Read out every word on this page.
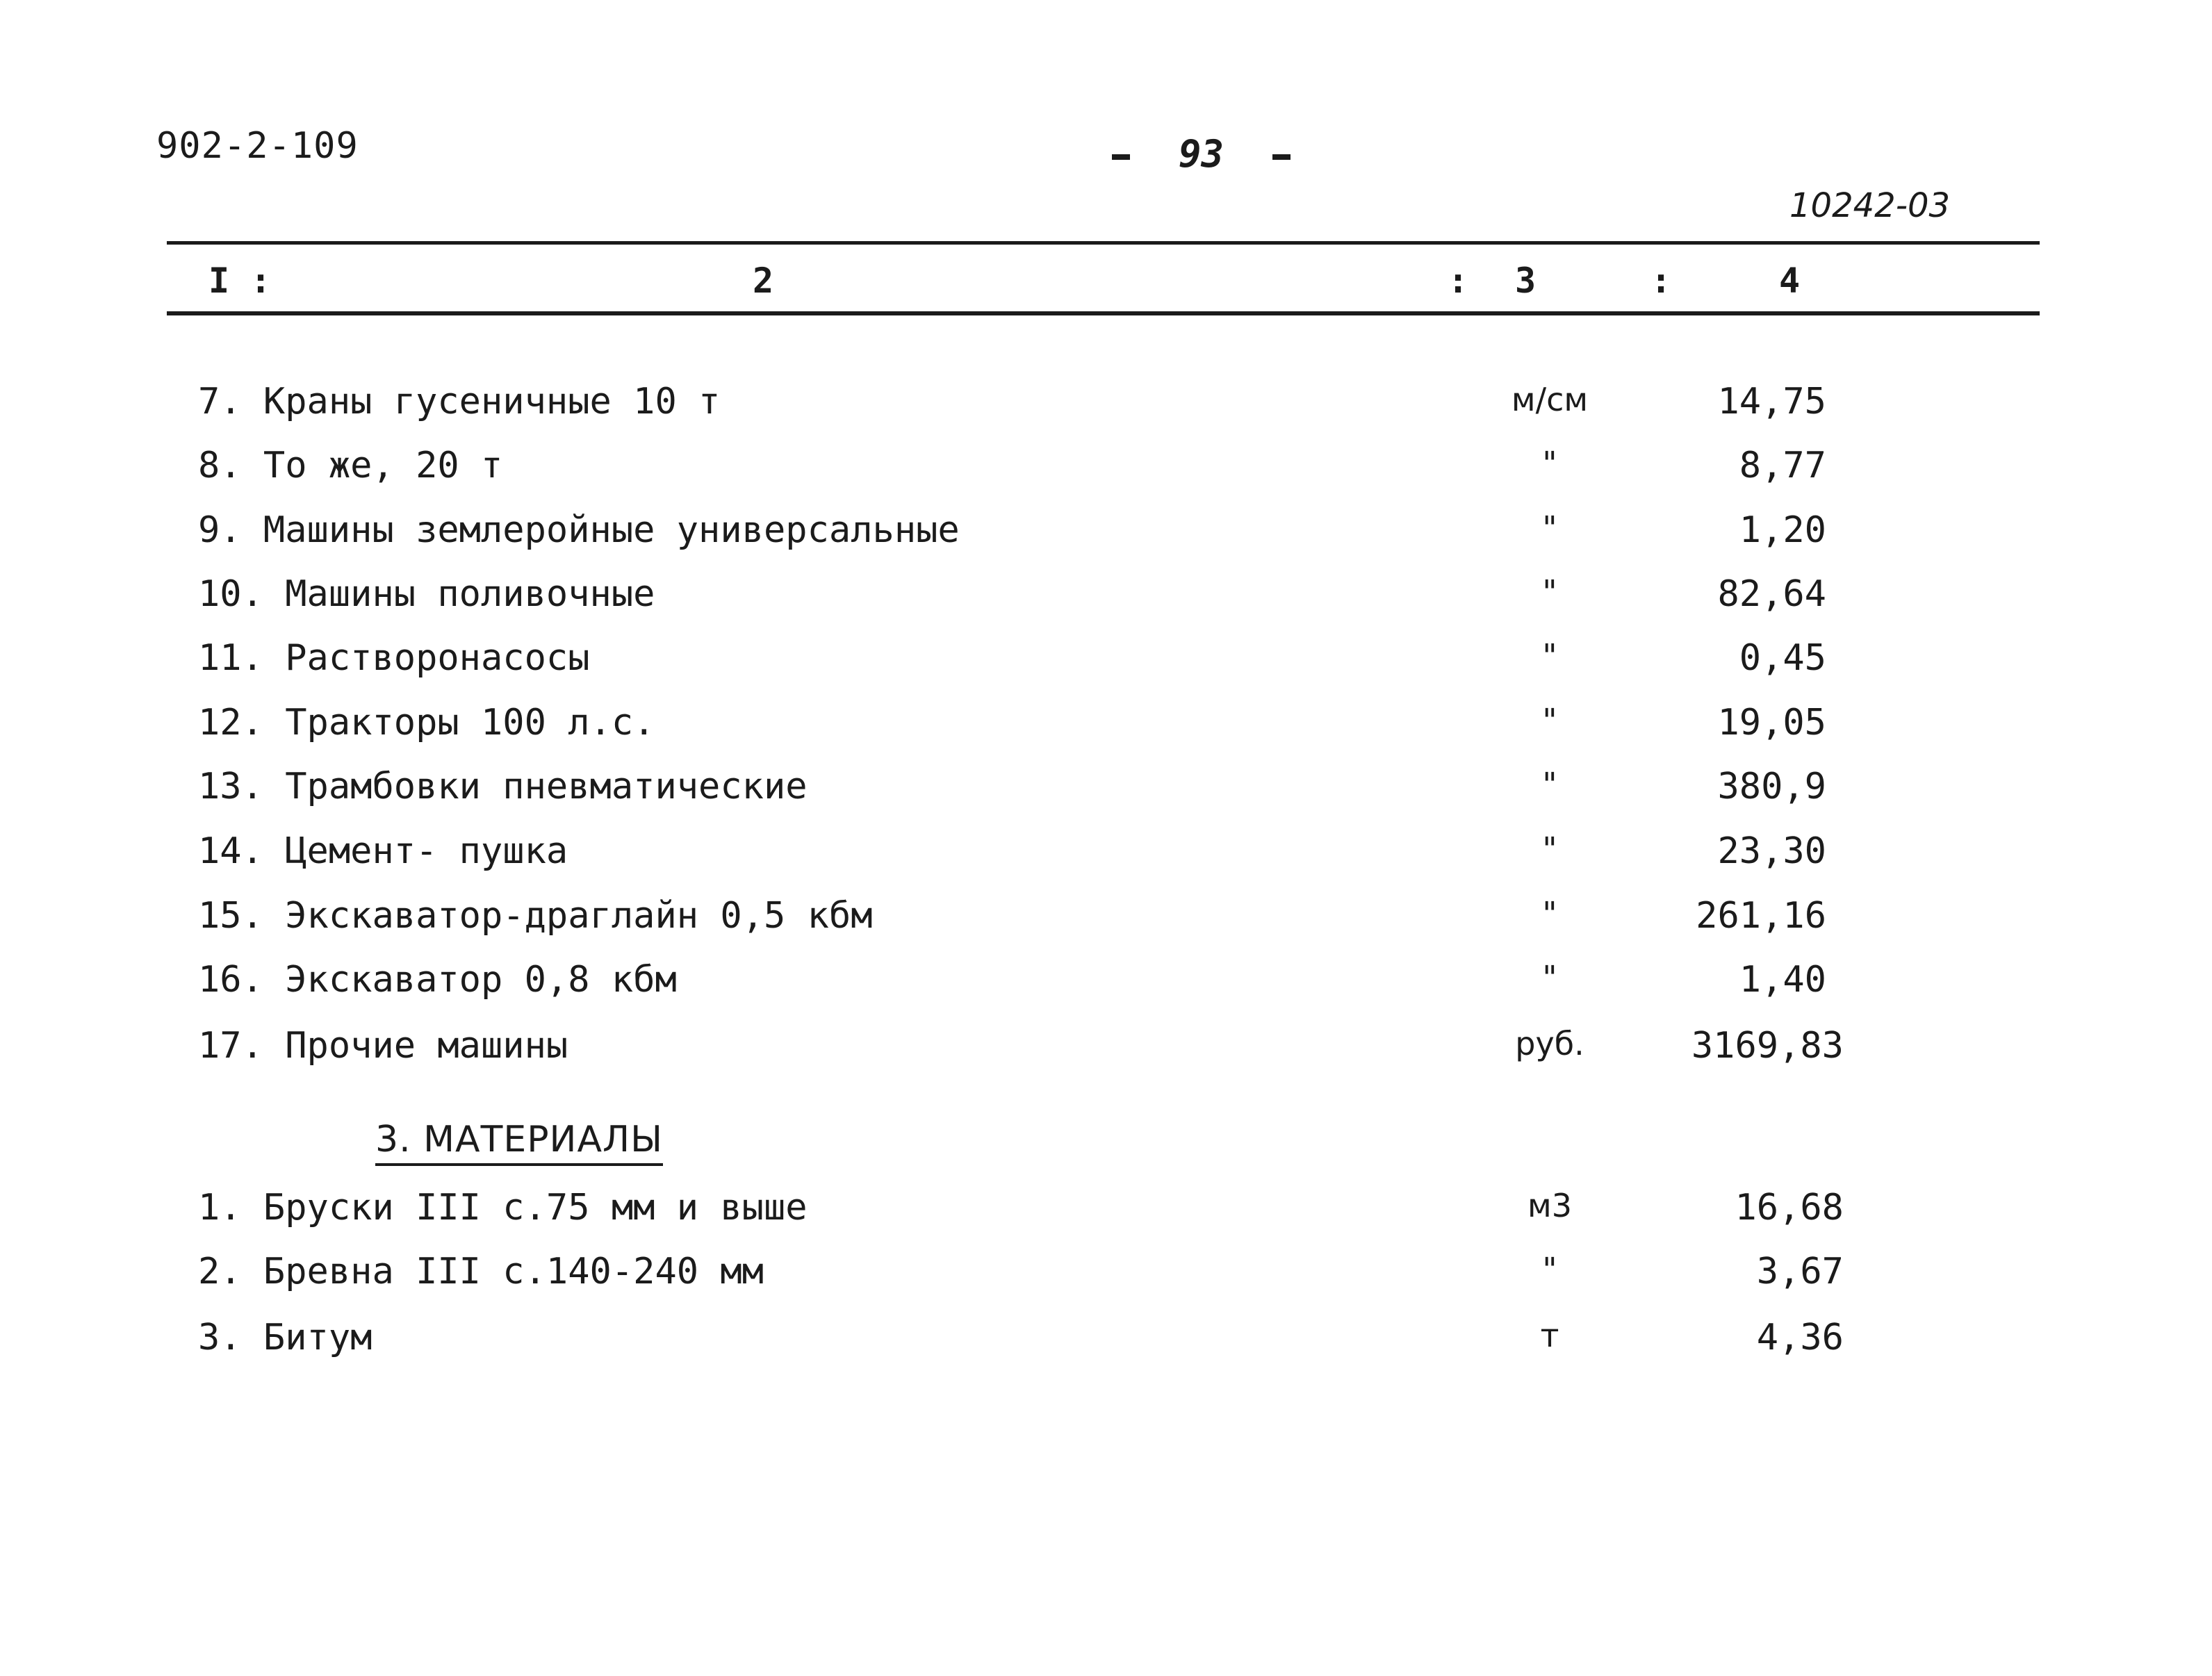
902-2-109	93
10242-03
I :	2	: 3	:	4
7. Краны гусеничные 10 т	м/см	14,75
8. То же, 20 т	"	8,77
9. Машины землеройные универсальные	"	1,20
10. Машины поливочные	"	82,64
11. Растворонасосы	"	0,45
12. Тракторы 100 л.с.	"	19,05
13. Трамбовки пневматические	"	380,9
14. Цемент- пушка	"	23,30
15. Экскаватор-драглайн 0,5 кбм	"	261,16
16. Экскаватор 0,8 кбм	"	1,40
17. Прочие машины	руб.	3169,83
3. МАТЕРИАЛЫ
1. Бруски III с.75 мм и выше	м3	16,68
2. Бревна III с.140-240 мм	"	3,67
3. Битум	т	4,36
